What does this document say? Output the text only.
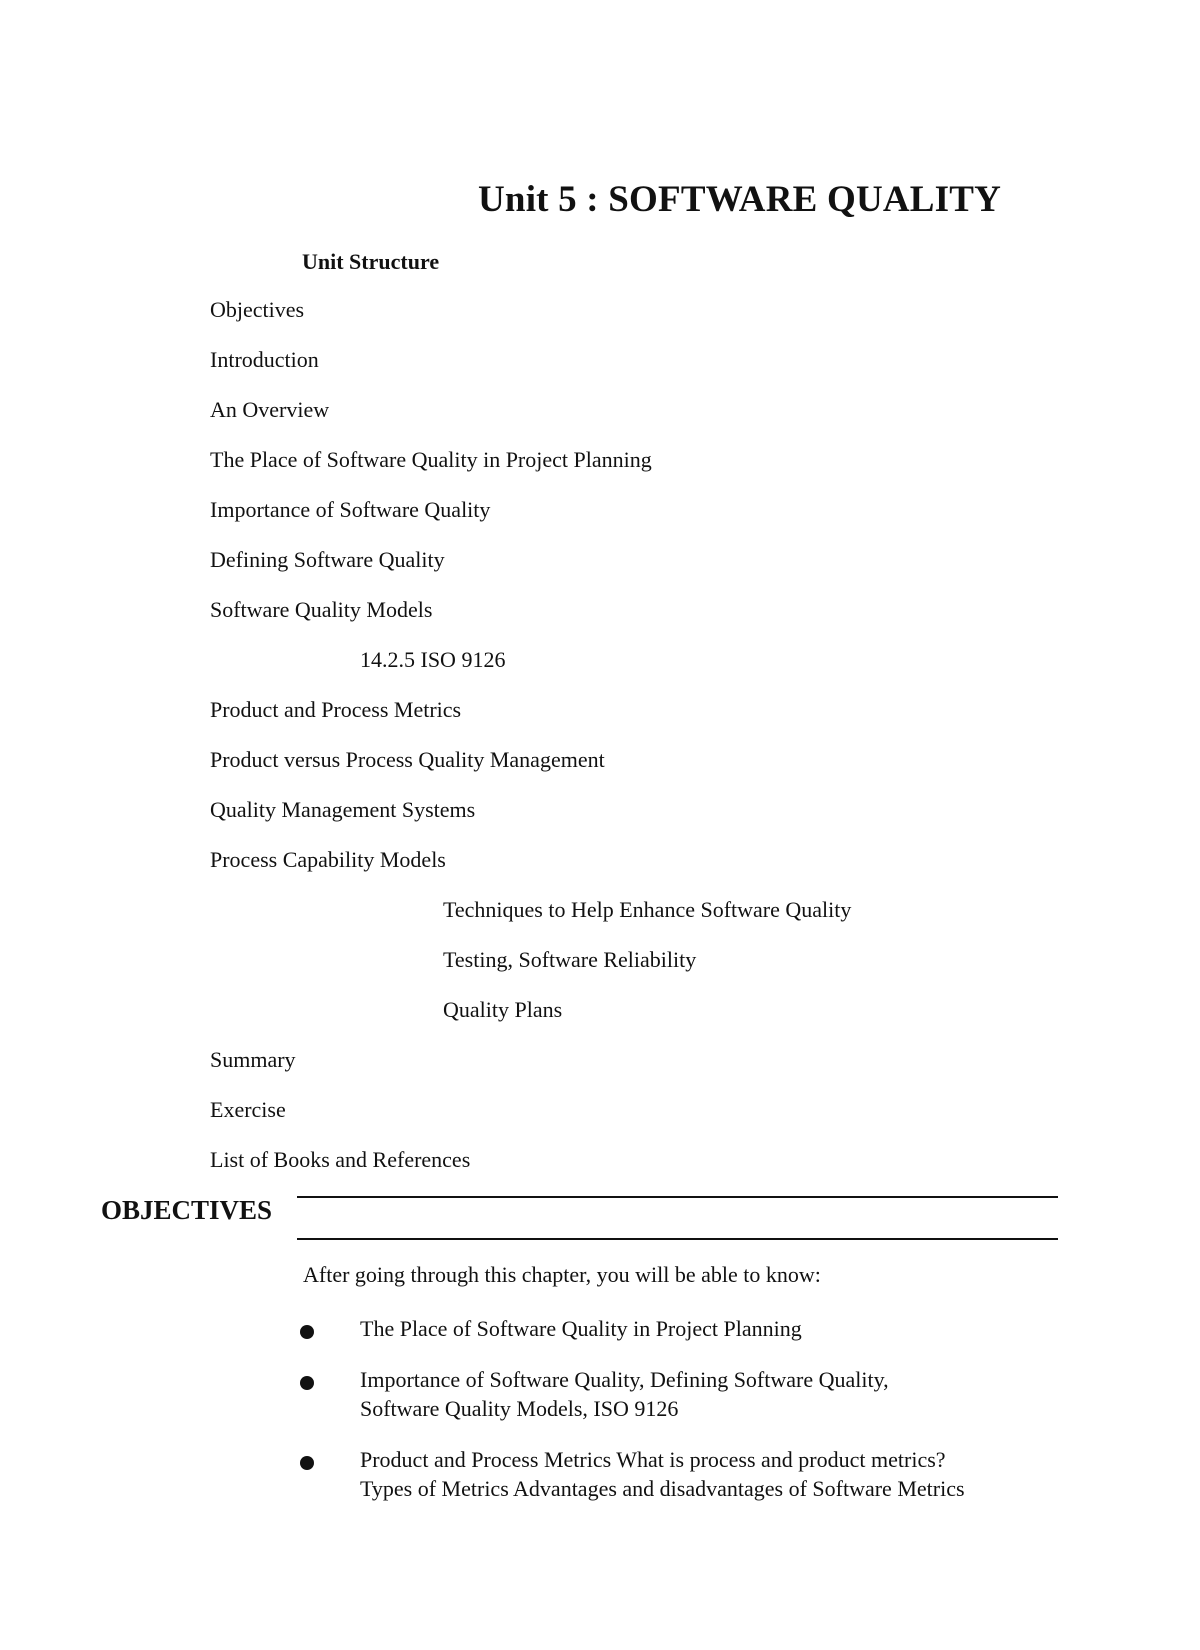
Unit 5 : SOFTWARE QUALITY
Unit Structure
Objectives
Introduction
An Overview
The Place of Software Quality in Project Planning
Importance of Software Quality
Defining Software Quality
Software Quality Models
14.2.5 ISO 9126
Product and Process Metrics
Product versus Process Quality Management
Quality Management Systems
Process Capability Models
Techniques to Help Enhance Software Quality
Testing, Software Reliability
Quality Plans
Summary
Exercise
List of Books and References
OBJECTIVES
After going through this chapter, you will be able to know:
The Place of Software Quality in Project Planning
Importance of Software Quality, Defining Software Quality,
Software Quality Models, ISO 9126
Product and Process Metrics What is process and product metrics?
Types of Metrics Advantages and disadvantages of Software Metrics
